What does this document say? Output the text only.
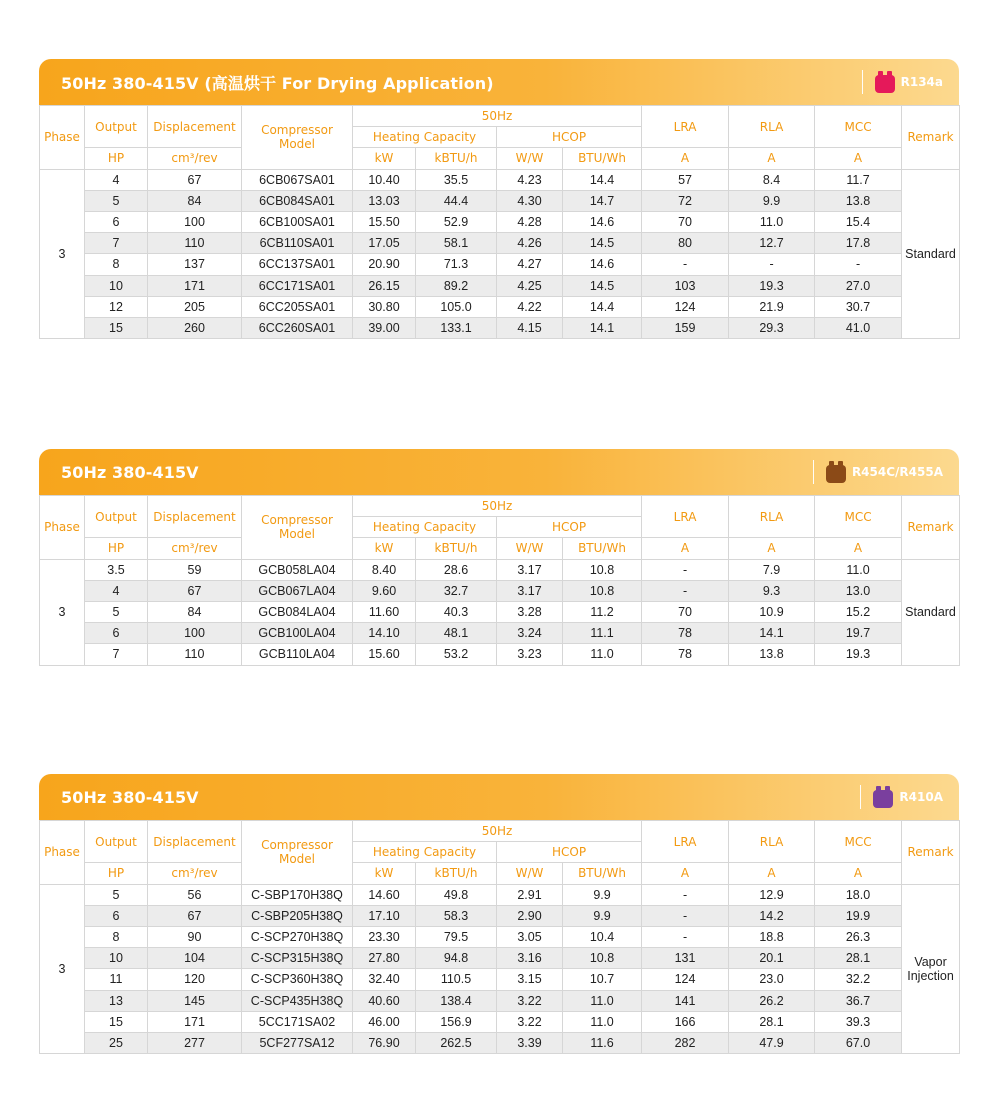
50Hz 380-415V (高温烘干 For Drying Application)	R134a
Phase	Output	Displacement	Compressor Model	50Hz				LRA	RLA	MCC	Remark
				Heating Capacity		HCOP					
	HP	cm³/rev		kW	kBTU/h	W/W	BTU/Wh	A	A	A	
3	4	67	6CB067SA01	10.40	35.5	4.23	14.4	57	8.4	11.7	Standard
	5	84	6CB084SA01	13.03	44.4	4.30	14.7	72	9.9	13.8	
	6	100	6CB100SA01	15.50	52.9	4.28	14.6	70	11.0	15.4	
	7	110	6CB110SA01	17.05	58.1	4.26	14.5	80	12.7	17.8	
	8	137	6CC137SA01	20.90	71.3	4.27	14.6	-	-	-	
	10	171	6CC171SA01	26.15	89.2	4.25	14.5	103	19.3	27.0	
	12	205	6CC205SA01	30.80	105.0	4.22	14.4	124	21.9	30.7	
	15	260	6CC260SA01	39.00	133.1	4.15	14.1	159	29.3	41.0	
50Hz 380-415V	R454C/R455A
Phase	Output	Displacement	Compressor Model	50Hz				LRA	RLA	MCC	Remark
				Heating Capacity		HCOP					
	HP	cm³/rev		kW	kBTU/h	W/W	BTU/Wh	A	A	A	
3	3.5	59	GCB058LA04	8.40	28.6	3.17	10.8	-	7.9	11.0	Standard
	4	67	GCB067LA04	9.60	32.7	3.17	10.8	-	9.3	13.0	
	5	84	GCB084LA04	11.60	40.3	3.28	11.2	70	10.9	15.2	
	6	100	GCB100LA04	14.10	48.1	3.24	11.1	78	14.1	19.7	
	7	110	GCB110LA04	15.60	53.2	3.23	11.0	78	13.8	19.3	
50Hz 380-415V	R410A
Phase	Output	Displacement	Compressor Model	50Hz				LRA	RLA	MCC	Remark
				Heating Capacity		HCOP					
	HP	cm³/rev		kW	kBTU/h	W/W	BTU/Wh	A	A	A	
3	5	56	C-SBP170H38Q	14.60	49.8	2.91	9.9	-	12.9	18.0	Vapor Injection
	6	67	C-SBP205H38Q	17.10	58.3	2.90	9.9	-	14.2	19.9	
	8	90	C-SCP270H38Q	23.30	79.5	3.05	10.4	-	18.8	26.3	
	10	104	C-SCP315H38Q	27.80	94.8	3.16	10.8	131	20.1	28.1	
	11	120	C-SCP360H38Q	32.40	110.5	3.15	10.7	124	23.0	32.2	
	13	145	C-SCP435H38Q	40.60	138.4	3.22	11.0	141	26.2	36.7	
	15	171	5CC171SA02	46.00	156.9	3.22	11.0	166	28.1	39.3	
	25	277	5CF277SA12	76.90	262.5	3.39	11.6	282	47.9	67.0	
